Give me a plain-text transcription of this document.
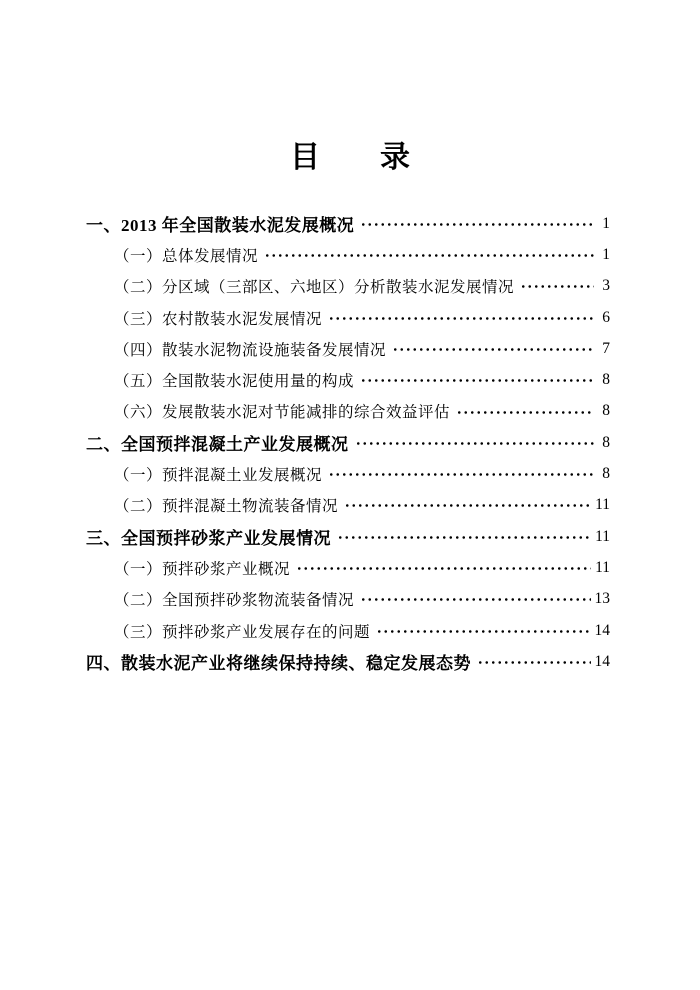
目　　录
一、2013 年全国散装水泥发展概况	1
（一）总体发展情况	1
（二）分区域（三部区、六地区）分析散装水泥发展情况	3
（三）农村散装水泥发展情况	6
（四）散装水泥物流设施装备发展情况	7
（五）全国散装水泥使用量的构成	8
（六）发展散装水泥对节能减排的综合效益评估	8
二、全国预拌混凝土产业发展概况	8
（一）预拌混凝土业发展概况	8
（二）预拌混凝土物流装备情况	11
三、全国预拌砂浆产业发展情况	11
（一）预拌砂浆产业概况	11
（二）全国预拌砂浆物流装备情况	13
（三）预拌砂浆产业发展存在的问题	14
四、散装水泥产业将继续保持持续、稳定发展态势	14
